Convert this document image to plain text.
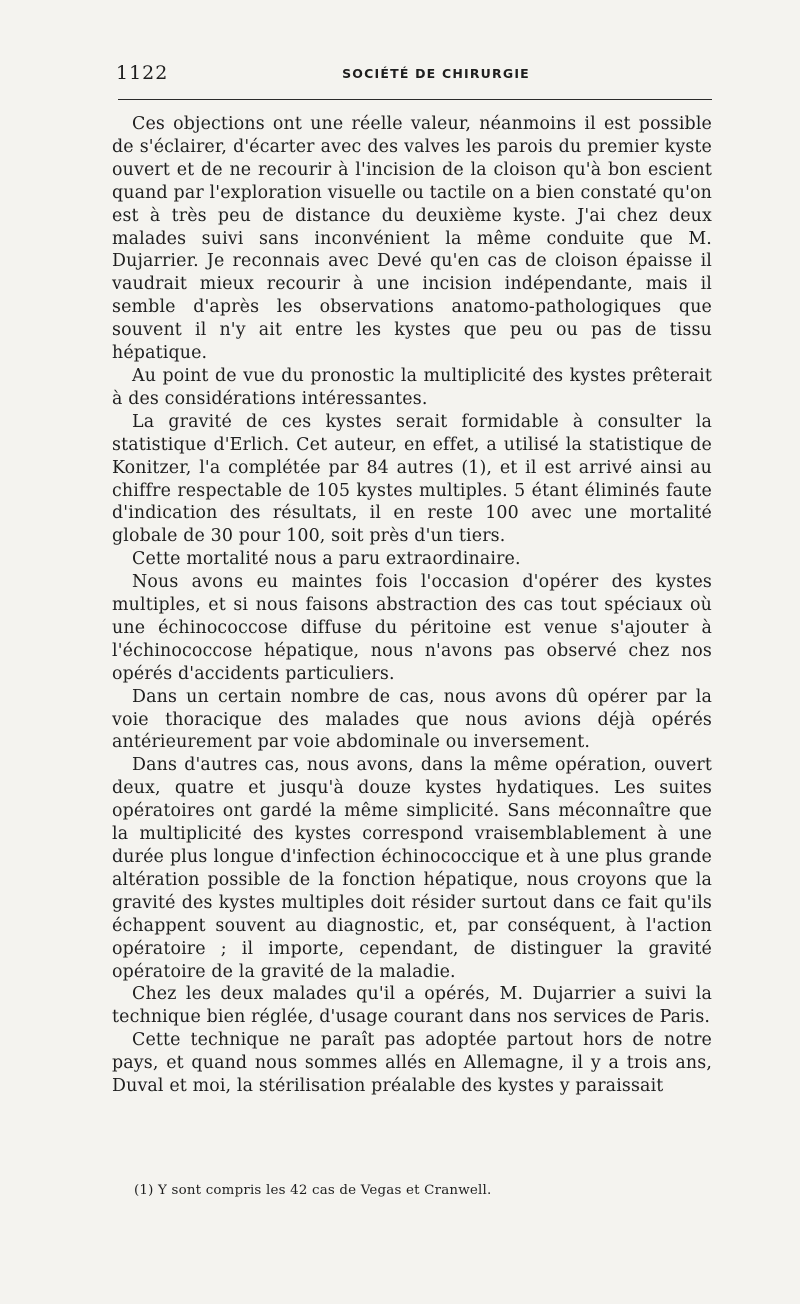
1122	SOCIÉTÉ DE CHIRURGIE

Ces objections ont une réelle valeur, néanmoins il est possible de s'éclairer, d'écarter avec des valves les parois du premier kyste ouvert et de ne recourir à l'incision de la cloison qu'à bon escient quand par l'exploration visuelle ou tactile on a bien constaté qu'on est à très peu de distance du deuxième kyste. J'ai chez deux malades suivi sans inconvénient la même conduite que M. Dujarrier. Je reconnais avec Devé qu'en cas de cloison épaisse il vaudrait mieux recourir à une incision indépendante, mais il semble d'après les observations anatomo-pathologiques que souvent il n'y ait entre les kystes que peu ou pas de tissu hépatique.

Au point de vue du pronostic la multiplicité des kystes prêterait à des considérations intéressantes.

La gravité de ces kystes serait formidable à consulter la statistique d'Erlich. Cet auteur, en effet, a utilisé la statistique de Konitzer, l'a complétée par 84 autres (1), et il est arrivé ainsi au chiffre respectable de 105 kystes multiples. 5 étant éliminés faute d'indication des résultats, il en reste 100 avec une mortalité globale de 30 pour 100, soit près d'un tiers.

Cette mortalité nous a paru extraordinaire.

Nous avons eu maintes fois l'occasion d'opérer des kystes multiples, et si nous faisons abstraction des cas tout spéciaux où une échinococcose diffuse du péritoine est venue s'ajouter à l'échinococcose hépatique, nous n'avons pas observé chez nos opérés d'accidents particuliers.

Dans un certain nombre de cas, nous avons dû opérer par la voie thoracique des malades que nous avions déjà opérés antérieurement par voie abdominale ou inversement.

Dans d'autres cas, nous avons, dans la même opération, ouvert deux, quatre et jusqu'à douze kystes hydatiques. Les suites opératoires ont gardé la même simplicité. Sans méconnaître que la multiplicité des kystes correspond vraisemblablement à une durée plus longue d'infection échinococcique et à une plus grande altération possible de la fonction hépatique, nous croyons que la gravité des kystes multiples doit résider surtout dans ce fait qu'ils échappent souvent au diagnostic, et, par conséquent, à l'action opératoire ; il importe, cependant, de distinguer la gravité opératoire de la gravité de la maladie.

Chez les deux malades qu'il a opérés, M. Dujarrier a suivi la technique bien réglée, d'usage courant dans nos services de Paris.

Cette technique ne paraît pas adoptée partout hors de notre pays, et quand nous sommes allés en Allemagne, il y a trois ans, Duval et moi, la stérilisation préalable des kystes y paraissait

(1) Y sont compris les 42 cas de Vegas et Cranwell.
